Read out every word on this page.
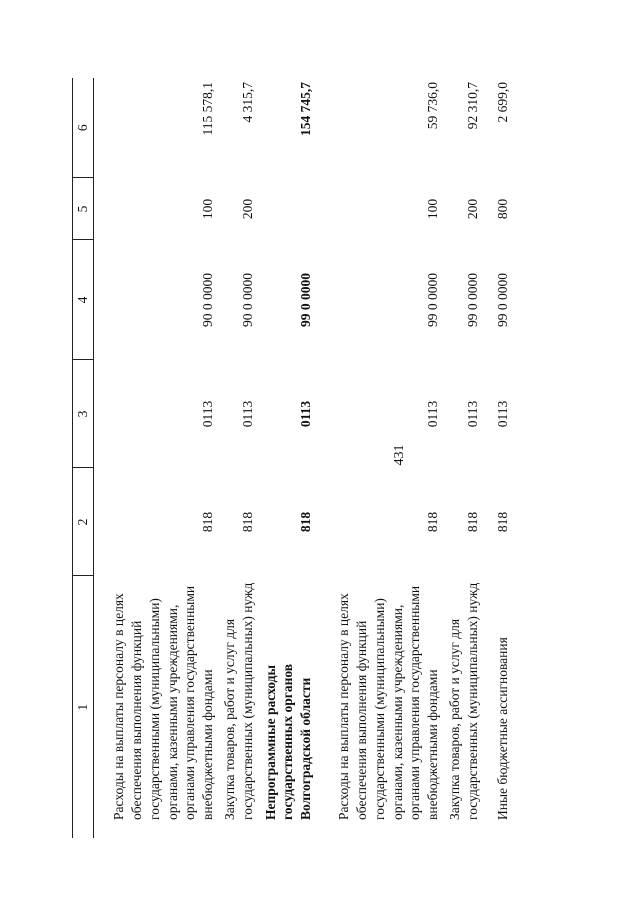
431
1	2	3	4	5	6
Расходы на выплаты персоналу в целях обеспечения выполнения функций государственными (муниципальными) органами, казенными учреждениями, органами управления государственными внебюджетными фондами	818	0113	90 0 0000	100	115 578,1
Закупка товаров, работ и услуг для государственных (муниципальных) нужд	818	0113	90 0 0000	200	4 315,7
Непрограммные расходы государственных органов Волгоградской области	818	0113	99 0 0000		154 745,7
Расходы на выплаты персоналу в целях обеспечения выполнения функций государственными (муниципальными) органами, казенными учреждениями, органами управления государственными внебюджетными фондами	818	0113	99 0 0000	100	59 736,0
Закупка товаров, работ и услуг для государственных (муниципальных) нужд	818	0113	99 0 0000	200	92 310,7
Иные бюджетные ассигнования	818	0113	99 0 0000	800	2 699,0
